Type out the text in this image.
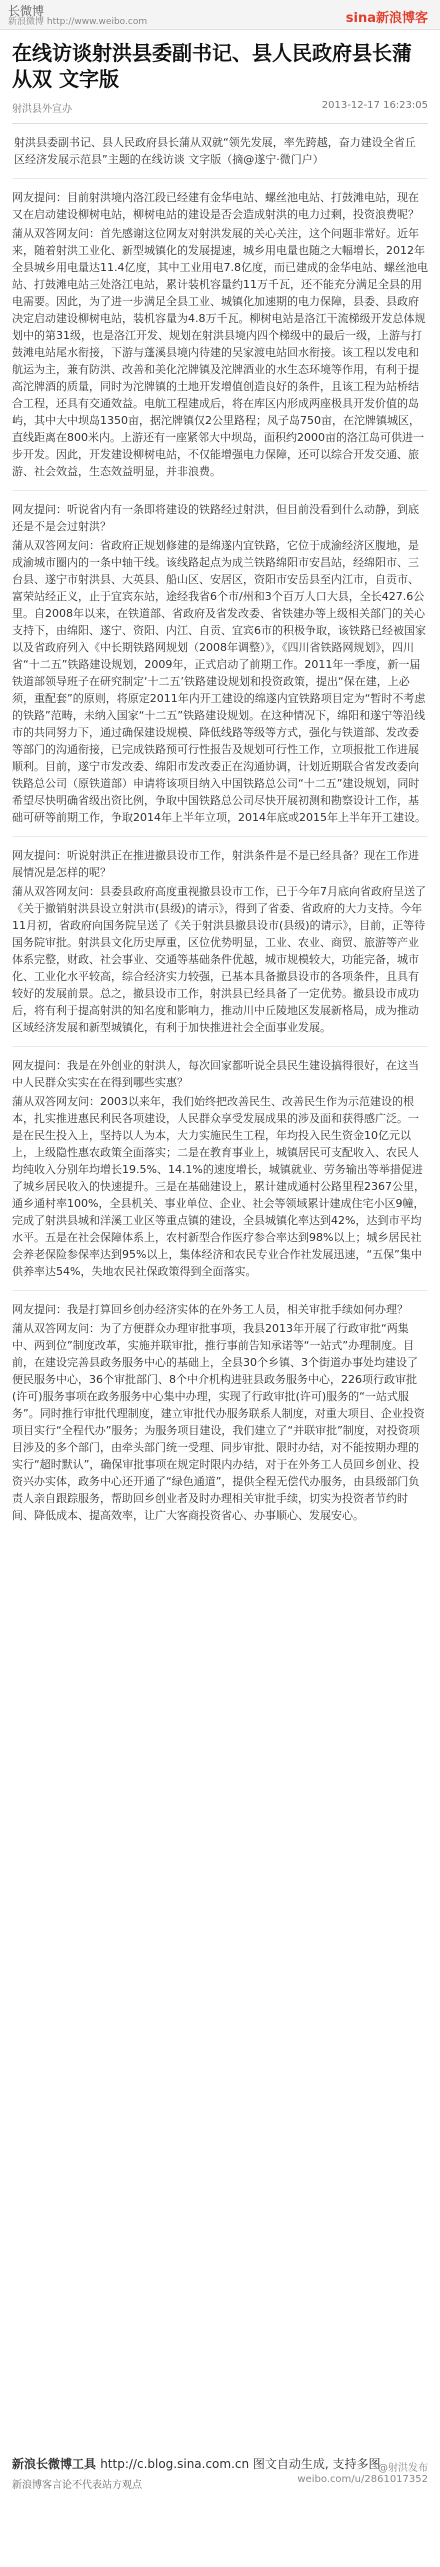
长微博
新浪微博 http://www.weibo.com	sina新浪博客
在线访谈射洪县委副书记、县人民政府县长蒲从双 文字版
射洪县外宣办	2013-12-17 16:23:05

射洪县委副书记、县人民政府县长蒲从双就“领先发展，率先跨越，奋力建设全省丘区经济发展示范县”主题的在线访谈 文字版（摘@遂宁·微门户）

网友提问：目前射洪境内洛江段已经建有金华电站、螺丝池电站、打鼓滩电站，现在又在启动建设柳树电站，柳树电站的建设是否会造成射洪的电力过剩，投资浪费呢？

蒲从双答网友问：首先感谢这位网友对射洪发展的关心关注，这个问题非常好。近年来，随着射洪工业化、新型城镇化的发展提速，城乡用电量也随之大幅增长，2012年全县城乡用电量达11.4亿度，其中工业用电7.8亿度，而已建成的金华电站、螺丝池电站、打鼓滩电站三处洛江电站，累计装机容量约11万千瓦，还不能充分满足全县的用电需要。因此，为了进一步满足全县工业、城镇化加速期的电力保障，县委、县政府决定启动建设柳树电站，装机容量为4.8万千瓦。柳树电站是洛江干流梯级开发总体规划中的第31级，也是洛江开发、规划在射洪县境内四个梯级中的最后一级，上游与打鼓滩电站尾水衔接，下游与蓬溪县境内待建的吴家渡电站回水衔接。该工程以发电和航运为主，兼有防洪、改善和美化沱牌镇及沱牌酒业的水生态环境等作用，有利于提高沱牌酒的质量，同时为沱牌镇的土地开发增值创造良好的条件，且该工程为站桥结合工程，还具有交通效益。电航工程建成后，将在库区内形成两座极具开发价值的岛屿，其中大中坝岛1350亩，据沱牌镇仅2公里路程；凤子岛750亩，在沱牌镇城区，直线距离在800米内。上游还有一座紧邻大中坝岛，面积约2000亩的洛江岛可供进一步开发。因此，开发建设柳树电站，不仅能增强电力保障，还可以综合开发交通、旅游、社会效益，生态效益明显，并非浪费。

网友提问：听说省内有一条即将建设的铁路经过射洪，但目前没看到什么动静，到底还是不是会过射洪？

蒲从双答网友问：省政府正规划修建的是绵遂内宜铁路，它位于成渝经济区腹地，是成渝城市圈内的一条中轴干线。该线路起点为成兰铁路绵阳市安昌站，经绵阳市、三台县、遂宁市射洪县、大英县、船山区、安居区，资阳市安岳县至内江市，自贡市、富荣站经正义，止于宜宾东站，途经我省6个市/州和3个百万人口大县，全长427.6公里。自2008年以来，在铁道部、省政府及省发改委、省铁建办等上级相关部门的关心支持下，由绵阳、遂宁、资阳、内江、自贡、宜宾6市的积极争取，该铁路已经被国家以及省政府列入《中长期铁路网规划（2008年调整）》，《四川省铁路网规划》，四川省“十二五”铁路建设规划，2009年，正式启动了前期工作。2011年一季度，新一届铁道部领导班子在研究制定‘十二五’铁路建设规划和投资政策，提出“保在建，上必须，重配套”的原则，将原定2011年内开工建设的绵遂内宜铁路项目定为“暂时不考虑的铁路”范畴，未纳入国家“十二五”铁路建设规划。在这种情况下，绵阳和遂宁等沿线市的共同努力下，通过确保建设规模、降低线路等级等方式，强化与铁道部、发改委等部门的沟通衔接，已完成铁路预可行性报告及规划可行性工作，立项报批工作进展顺利。目前，遂宁市发改委、绵阳市发改委正在沟通协调，计划近期联合省发改委向铁路总公司（原铁道部）申请将该项目纳入中国铁路总公司“十二五”建设规划，同时希望尽快明确省级出资比例，争取中国铁路总公司尽快开展初测和勘察设计工作，基础可研等前期工作，争取2014年上半年立项，2014年底或2015年上半年开工建设。

网友提问：听说射洪正在推进撤县设市工作，射洪条件是不是已经具备？现在工作进展情况是怎样的呢？

蒲从双答网友问：县委县政府高度重视撤县设市工作，已于今年7月底向省政府呈送了《关于撤销射洪县设立射洪市(县级)的请示》，得到了省委、省政府的大力支持。今年11月初，省政府向国务院呈送了《关于射洪县撤县设市(县级)的请示》，目前，正等待国务院审批。射洪县文化历史厚重，区位优势明显，工业、农业、商贸、旅游等产业体系完整，财政、社会事业、交通等基础条件优越，城市规模较大，功能完备，城市化、工业化水平较高，综合经济实力较强，已基本具备撤县设市的各项条件，且具有较好的发展前景。总之，撤县设市工作，射洪县已经具备了一定优势。撤县设市成功后，将有利于提高射洪的知名度和影响力，推动川中丘陵地区发展新格局，成为推动区域经济发展和新型城镇化，有利于加快推进社会全面事业发展。

网友提问：我是在外创业的射洪人，每次回家都听说全县民生建设搞得很好，在这当中人民群众实实在在得到哪些实惠？

蒲从双答网友问：2003以来年，我们始终把改善民生、改善民生作为示范建设的根本，扎实推进惠民利民各项建设，人民群众享受发展成果的涉及面和获得感广泛。一是在民生投入上，坚持以人为本，大力实施民生工程，年均投入民生资金10亿元以上，上级隐性惠农政策全面落实；二是在教育事业上，城镇居民可支配收入、农民人均纯收入分别年均增长19.5%、14.1%的速度增长，城镇就业、劳务输出等举措促进了城乡居民收入的快速提升。三是在基础建设上，累计建成通村公路里程2367公里，通乡通村率100%，全县机关、事业单位、企业、社会等领域累计建成住宅小区9幢，完成了射洪县城和洋溪工业区等重点镇的建设，全县城镇化率达到42%，达到市平均水平。五是在社会保障体系上，农村新型合作医疗参合率达到98%以上；城乡居民社会养老保险参保率达到95%以上，集体经济和农民专业合作社发展迅速，“五保”集中供养率达54%，失地农民社保政策得到全面落实。

网友提问：我是打算回乡创办经济实体的在外务工人员，相关审批手续如何办理？

蒲从双答网友问：为了方便群众办理审批事项，我县2013年开展了行政审批“两集中、两到位”制度改革，实施并联审批，推行事前告知承诺等“一站式”办理制度。目前，在建设完善县政务服务中心的基础上，全县30个乡镇、3个街道办事处均建设了便民服务中心，36个审批部门、8个中介机构进驻县政务服务中心，226项行政审批(许可)服务事项在政务服务中心集中办理，实现了行政审批(许可)服务的“一站式服务”。同时推行审批代理制度，建立审批代办服务联系人制度，对重大项目、企业投资项目实行“全程代办”服务；为服务项目建设，我们建立了“并联审批”制度，对投资项目涉及的多个部门，由牵头部门统一受理、同步审批、限时办结，对不能按期办理的实行“超时默认”，确保审批事项在规定时限内办结，对于在外务工人员回乡创业、投资兴办实体，政务中心还开通了“绿色通道”，提供全程无偿代办服务，由县级部门负责人亲自跟踪服务，帮助回乡创业者及时办理相关审批手续，切实为投资者节约时间、降低成本、提高效率，让广大客商投资省心、办事顺心、发展安心。

新浪长微博工具 http://c.blog.sina.com.cn 图文自动生成, 支持多图
新浪博客言论不代表站方观点
@射洪发布
weibo.com/u/2861017352
